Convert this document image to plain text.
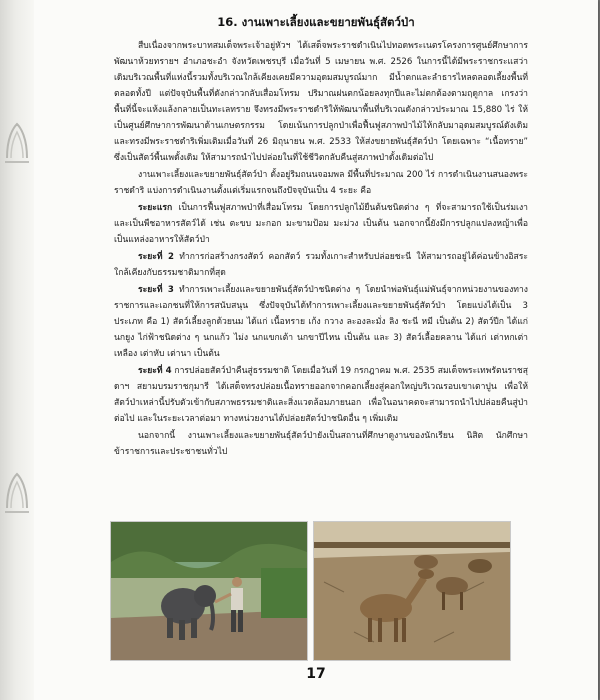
16. งานเพาะเลี้ยงและขยายพันธุ์สัตว์ป่า

สืบเนื่องจากพระบาทสมเด็จพระเจ้าอยู่หัวฯ ได้เสด็จพระราชดำเนินไปทอดพระเนตรโครงการศูนย์ศึกษาการพัฒนาห้วยทรายฯ อำเภอชะอำ จังหวัดเพชรบุรี เมื่อวันที่ 5 เมษายน พ.ศ. 2526 ในการนี้ได้มีพระราชกระแสว่า เดิมบริเวณพื้นที่แห่งนี้รวมทั้งบริเวณใกล้เคียงเคยมีความอุดมสมบูรณ์มาก มีน้ำตกและลำธารไหลตลอดเลี้ยงพื้นที่ตลอดทั้งปี แต่ปัจจุบันพื้นที่ดังกล่าวกลับเสื่อมโทรม ปริมาณฝนตกน้อยลงทุกปีและไม่ตกต้องตามฤดูกาล เกรงว่าพื้นที่นี้จะแห้งแล้งกลายเป็นทะเลทราย จึงทรงมีพระราชดำริให้พัฒนาพื้นที่บริเวณดังกล่าวประมาณ 15,880 ไร่ ให้เป็นศูนย์ศึกษาการพัฒนาด้านเกษตรกรรม โดยเน้นการปลูกป่าเพื่อฟื้นฟูสภาพป่าไม้ให้กลับมาอุดมสมบูรณ์ดังเดิม และทรงมีพระราชดำริเพิ่มเติมเมื่อวันที่ 26 มิถุนายน พ.ศ. 2533 ให้ส่งขยายพันธุ์สัตว์ป่า โดยเฉพาะ “เนื้อทราย” ซึ่งเป็นสัตว์พื้นเพดั้งเดิม ให้สามารถนำไปปล่อยในที่ใช้ชีวิตกลับคืนสู่สภาพป่าดั้งเดิมต่อไป

งานเพาะเลี้ยงและขยายพันธุ์สัตว์ป่า ตั้งอยู่ริมถนนจอมพล มีพื้นที่ประมาณ 200 ไร่ การดำเนินงานสนองพระราชดำริ แบ่งการดำเนินงานตั้งแต่เริ่มแรกจนถึงปัจจุบันเป็น 4 ระยะ คือ

ระยะแรก เป็นการฟื้นฟูสภาพป่าที่เสื่อมโทรม โดยการปลูกไม้ยืนต้นชนิดต่าง ๆ ที่จะสามารถใช้เป็นร่มเงาและเป็นพืชอาหารสัตว์ได้ เช่น ตะขบ มะกอก มะขามป้อม มะม่วง เป็นต้น นอกจากนี้ยังมีการปลูกแปลงหญ้าเพื่อเป็นแหล่งอาหารให้สัตว์ป่า

ระยะที่ 2 ทำการก่อสร้างกรงสัตว์ คอกสัตว์ รวมทั้งเกาะสำหรับปล่อยชะนี ให้สามารถอยู่ได้ค่อนข้างอิสระ ใกล้เคียงกับธรรมชาติมากที่สุด

ระยะที่ 3 ทำการเพาะเลี้ยงและขยายพันธุ์สัตว์ป่าชนิดต่าง ๆ โดยนำพ่อพันธุ์แม่พันธุ์จากหน่วยงานของทางราชการและเอกชนที่ให้การสนับสนุน ซึ่งปัจจุบันได้ทำการเพาะเลี้ยงและขยายพันธุ์สัตว์ป่า โดยแบ่งได้เป็น 3 ประเภท คือ 1) สัตว์เลี้ยงลูกด้วยนม ได้แก่ เนื้อทราย เก้ง กวาง ละองละมั่ง ลิง ชะนี หมี เป็นต้น 2) สัตว์ปีก ได้แก่ นกยูง ไก่ฟ้าชนิดต่าง ๆ นกแก้ว ไม่ง นกแขกเต้า นกขาปีไหน เป็นต้น และ 3) สัตว์เลื้อยคลาน ได้แก่ เต่าหกเต่าเหลือง เต่าหับ เต่านา เป็นต้น

ระยะที่ 4 การปล่อยสัตว์ป่าคืนสู่ธรรมชาติ โดยเมื่อวันที่ 19 กรกฎาคม พ.ศ. 2535 สมเด็จพระเทพรัตนราชสุดาฯ สยามบรมราชกุมารี ได้เสด็จทรงปล่อยเนื้อทรายออกจากคอกเลี้ยงสู่คอกใหญ่บริเวณรอบเขาเตาปูน เพื่อให้สัตว์ป่าเหล่านี้ปรับตัวเข้ากับสภาพธรรมชาติและสิ่งแวดล้อมภายนอก เพื่อในอนาคตจะสามารถนำไปปล่อยคืนสู่ป่าต่อไป และในระยะเวลาต่อมา ทางหน่วยงานได้ปล่อยสัตว์ป่าชนิดอื่น ๆ เพิ่มเติม

นอกจากนี้ งานเพาะเลี้ยงและขยายพันธุ์สัตว์ป่ายังเป็นสถานที่ศึกษาดูงานของนักเรียน นิสิต นักศึกษา ข้าราชการและประชาชนทั่วไป

17
